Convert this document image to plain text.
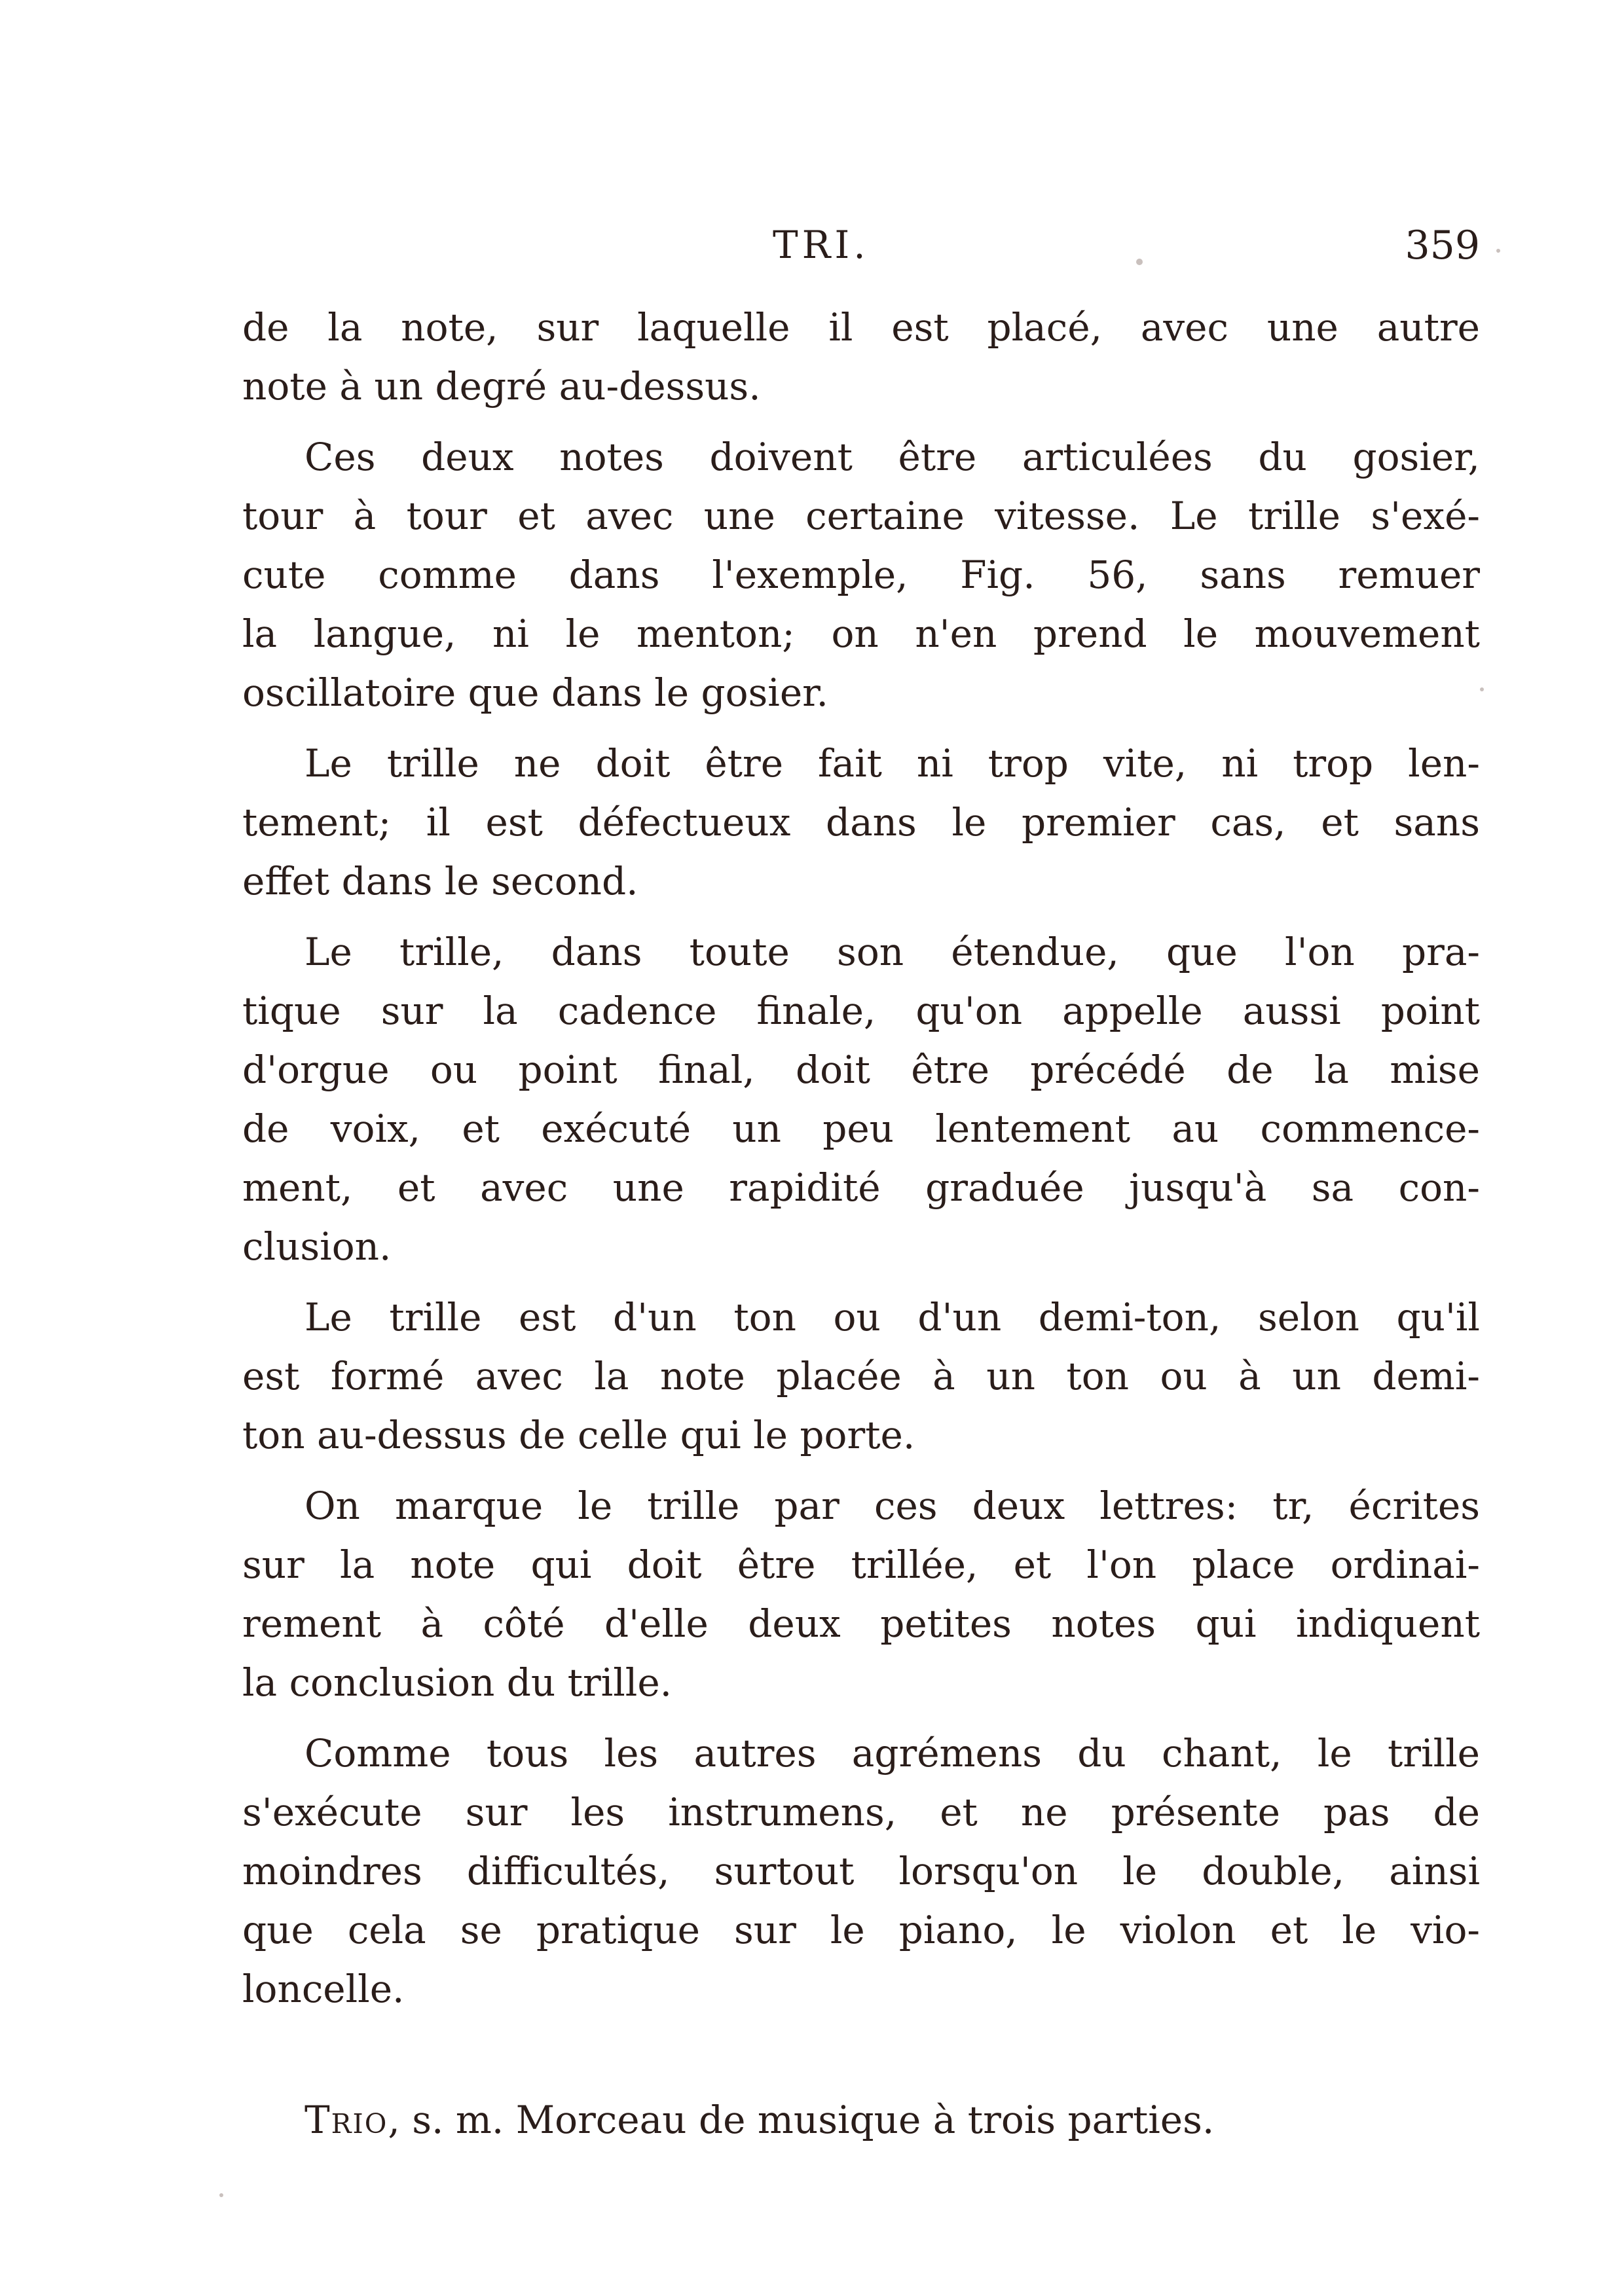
TRI.	359
de la note, sur laquelle il est placé, avec une autre
note à un degré au-dessus.
Ces deux notes doivent être articulées du gosier,
tour à tour et avec une certaine vitesse. Le trille s'exé-
cute comme dans l'exemple, Fig. 56, sans remuer
la langue, ni le menton; on n'en prend le mouvement
oscillatoire que dans le gosier.
Le trille ne doit être fait ni trop vite, ni trop len-
tement; il est défectueux dans le premier cas, et sans
effet dans le second.
Le trille, dans toute son étendue, que l'on pra-
tique sur la cadence finale, qu'on appelle aussi point
d'orgue ou point final, doit être précédé de la mise
de voix, et exécuté un peu lentement au commence-
ment, et avec une rapidité graduée jusqu'à sa con-
clusion.
Le trille est d'un ton ou d'un demi-ton, selon qu'il
est formé avec la note placée à un ton ou à un demi-
ton au-dessus de celle qui le porte.
On marque le trille par ces deux lettres: tr, écrites
sur la note qui doit être trillée, et l'on place ordinai-
rement à côté d'elle deux petites notes qui indiquent
la conclusion du trille.
Comme tous les autres agrémens du chant, le trille
s'exécute sur les instrumens, et ne présente pas de
moindres difficultés, surtout lorsqu'on le double, ainsi
que cela se pratique sur le piano, le violon et le vio-
loncelle.
Trio, s. m. Morceau de musique à trois parties.
